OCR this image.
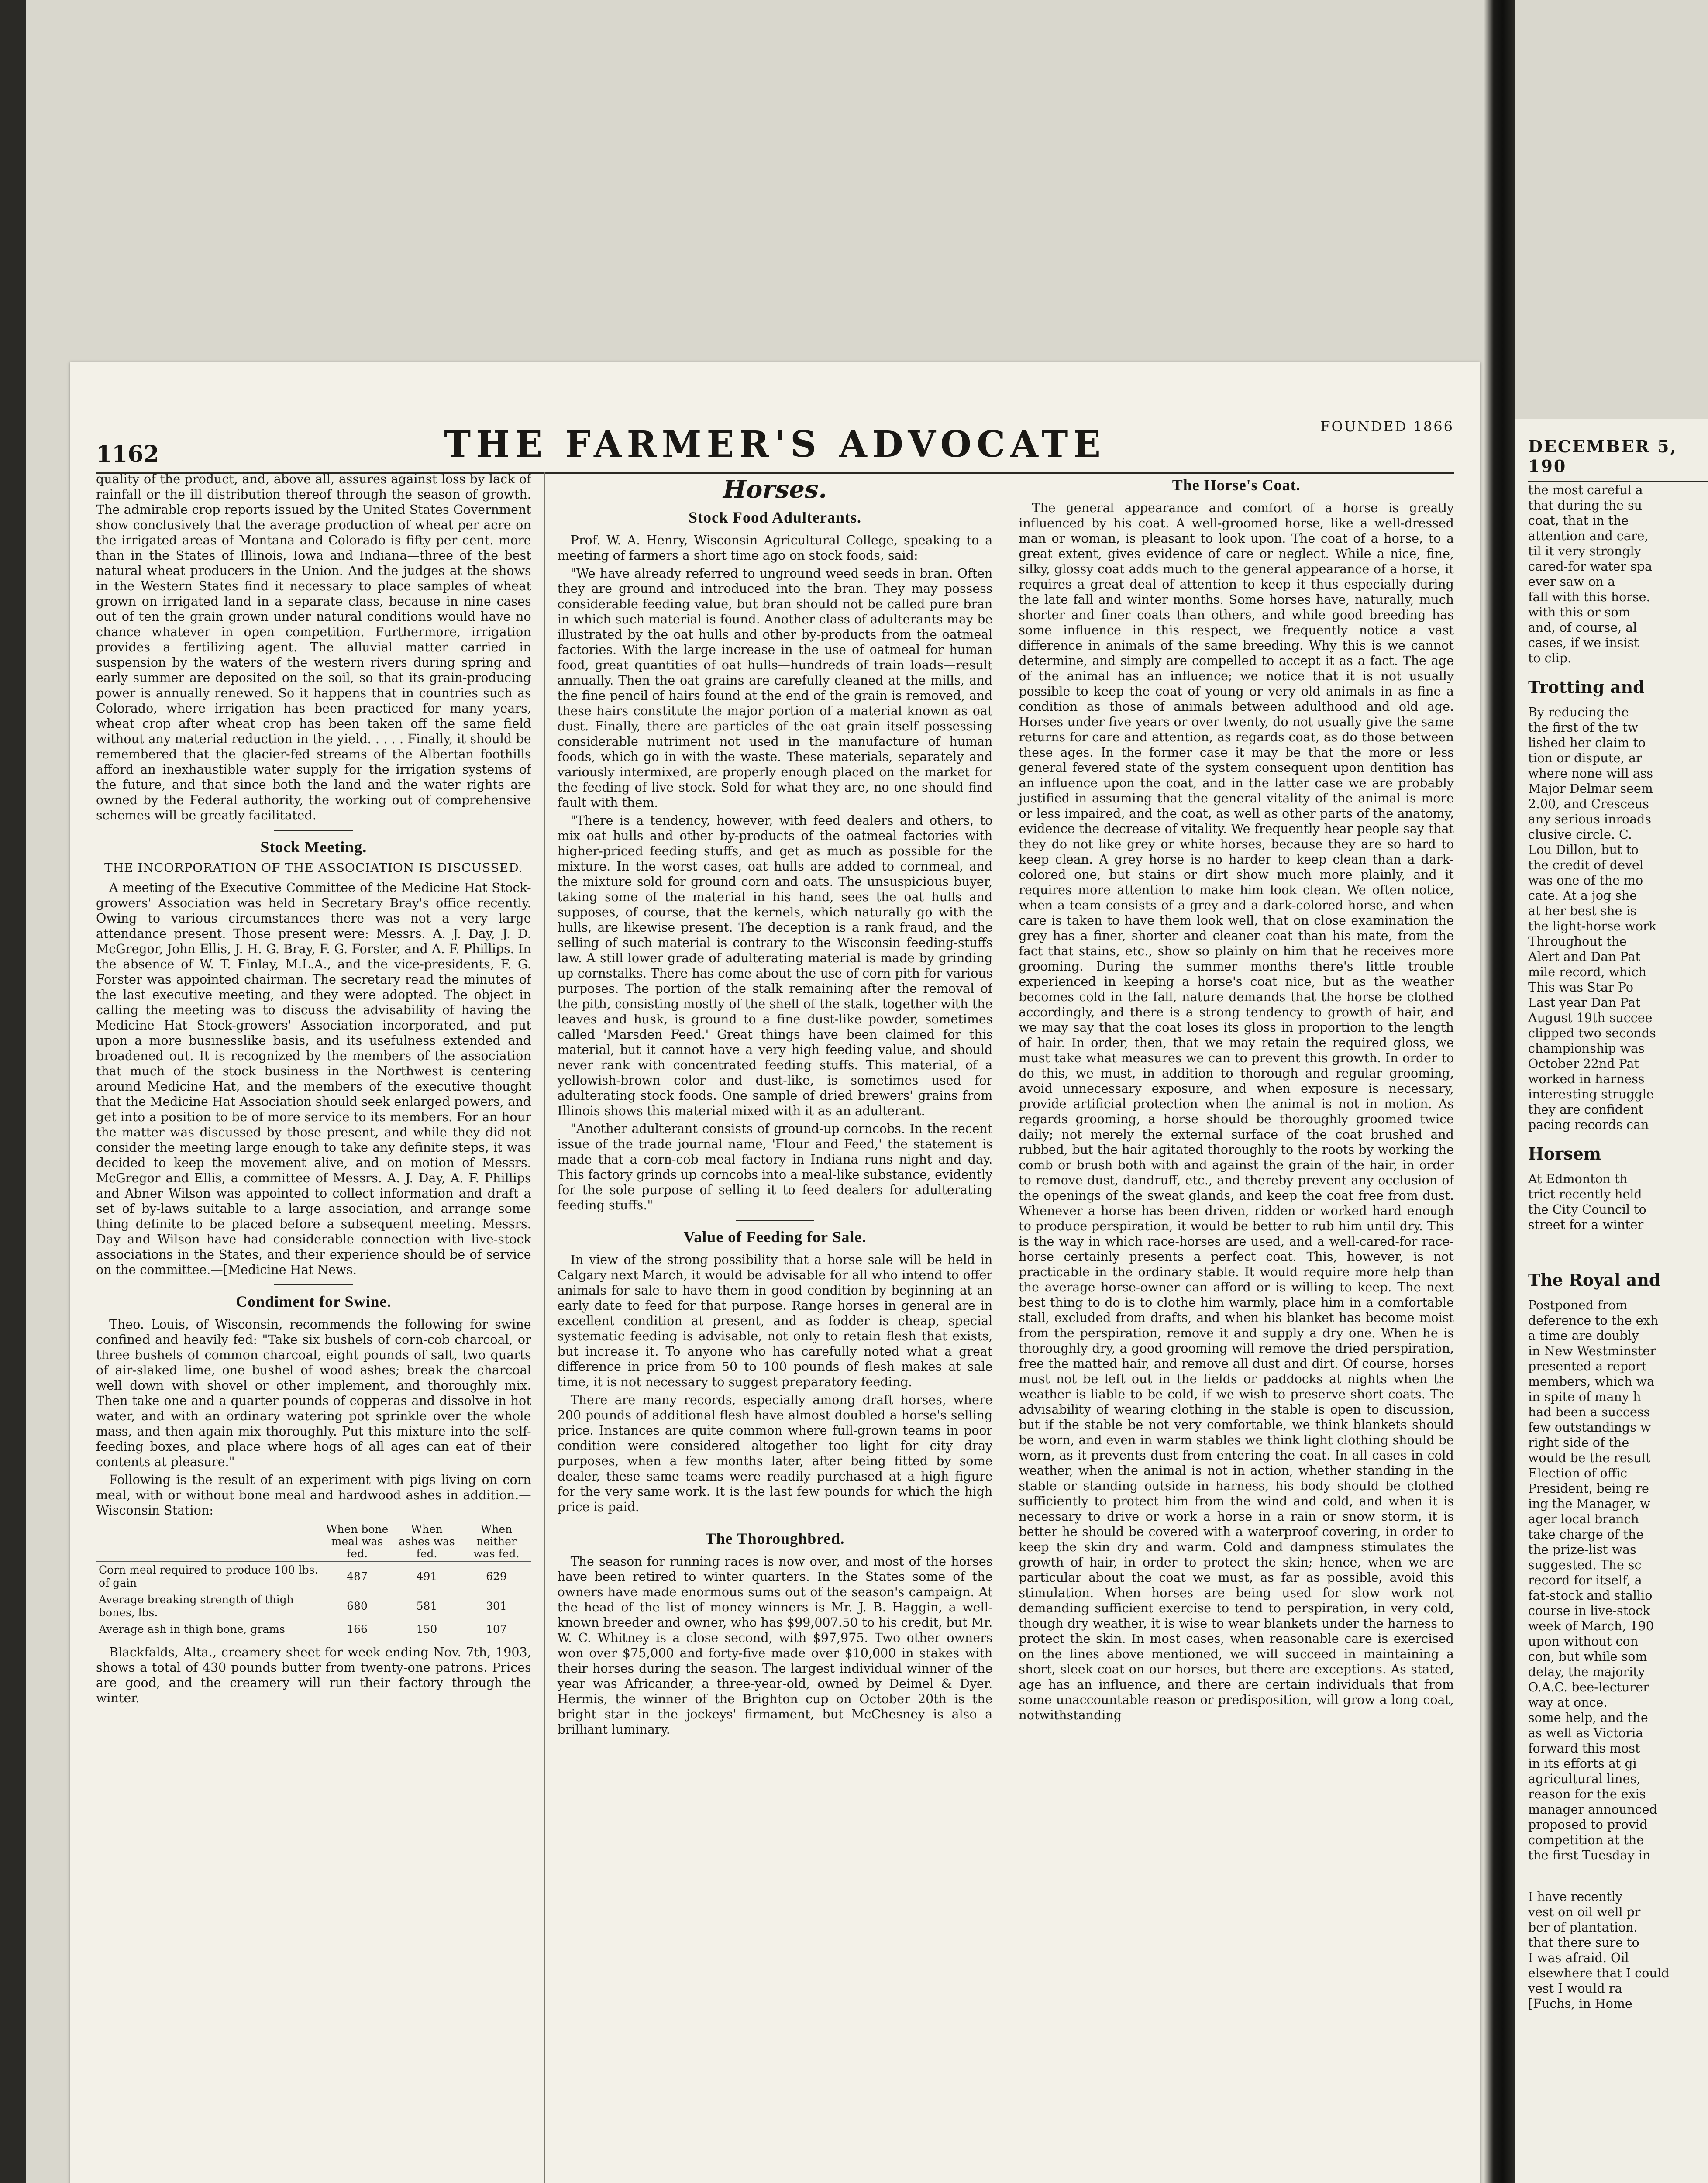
1162	THE FARMER'S ADVOCATE	FOUNDED 1866

quality of the product, and, above all, assures against loss by lack of rainfall or the ill distribution thereof through the season of growth. The admirable crop reports issued by the United States Government show conclusively that the average production of wheat per acre on the irrigated areas of Montana and Colorado is fifty per cent. more than in the States of Illinois, Iowa and Indiana—three of the best natural wheat producers in the Union. And the judges at the shows in the Western States find it necessary to place samples of wheat grown on irrigated land in a separate class, because in nine cases out of ten the grain grown under natural conditions would have no chance whatever in open competition. Furthermore, irrigation provides a fertilizing agent. The alluvial matter carried in suspension by the waters of the western rivers during spring and early summer are deposited on the soil, so that its grain-producing power is annually renewed. So it happens that in countries such as Colorado, where irrigation has been practiced for many years, wheat crop after wheat crop has been taken off the same field without any material reduction in the yield. . . . . Finally, it should be remembered that the glacier-fed streams of the Albertan foothills afford an inexhaustible water supply for the irrigation systems of the future, and that since both the land and the water rights are owned by the Federal authority, the working out of comprehensive schemes will be greatly facilitated.

Stock Meeting.
THE INCORPORATION OF THE ASSOCIATION IS DISCUSSED.

A meeting of the Executive Committee of the Medicine Hat Stock-growers' Association was held in Secretary Bray's office recently. Owing to various circumstances there was not a very large attendance present. Those present were: Messrs. A. J. Day, J. D. McGregor, John Ellis, J. H. G. Bray, F. G. Forster, and A. F. Phillips. In the absence of W. T. Finlay, M.L.A., and the vice-presidents, F. G. Forster was appointed chairman. The secretary read the minutes of the last executive meeting, and they were adopted. The object in calling the meeting was to discuss the advisability of having the Medicine Hat Stock-growers' Association incorporated, and put upon a more businesslike basis, and its usefulness extended and broadened out. It is recognized by the members of the association that much of the stock business in the Northwest is centering around Medicine Hat, and the members of the executive thought that the Medicine Hat Association should seek enlarged powers, and get into a position to be of more service to its members. For an hour the matter was discussed by those present, and while they did not consider the meeting large enough to take any definite steps, it was decided to keep the movement alive, and on motion of Messrs. McGregor and Ellis, a committee of Messrs. A. J. Day, A. F. Phillips and Abner Wilson was appointed to collect information and draft a set of by-laws suitable to a large association, and arrange some thing definite to be placed before a subsequent meeting. Messrs. Day and Wilson have had considerable connection with live-stock associations in the States, and their experience should be of service on the committee.—[Medicine Hat News.

Condiment for Swine.

Theo. Louis, of Wisconsin, recommends the following for swine confined and heavily fed: "Take six bushels of corn-cob charcoal, or three bushels of common charcoal, eight pounds of salt, two quarts of air-slaked lime, one bushel of wood ashes; break the charcoal well down with shovel or other implement, and thoroughly mix. Then take one and a quarter pounds of copperas and dissolve in hot water, and with an ordinary watering pot sprinkle over the whole mass, and then again mix thoroughly. Put this mixture into the self-feeding boxes, and place where hogs of all ages can eat of their contents at pleasure."

Following is the result of an experiment with pigs living on corn meal, with or without bone meal and hardwood ashes in addition.—Wisconsin Station:

	When bone meal was fed.	When ashes was fed.	When neither was fed.
Corn meal required to produce 100 lbs. of gain	487	491	629
Average breaking strength of thigh bones, lbs.	680	581	301
Average ash in thigh bone, grams	166	150	107

Blackfalds, Alta., creamery sheet for week ending Nov. 7th, 1903, shows a total of 430 pounds butter from twenty-one patrons. Prices are good, and the creamery will run their factory through the winter.

Horses.
Stock Food Adulterants.

Prof. W. A. Henry, Wisconsin Agricultural College, speaking to a meeting of farmers a short time ago on stock foods, said:

"We have already referred to unground weed seeds in bran. Often they are ground and introduced into the bran. They may possess considerable feeding value, but bran should not be called pure bran in which such material is found. Another class of adulterants may be illustrated by the oat hulls and other by-products from the oatmeal factories. With the large increase in the use of oatmeal for human food, great quantities of oat hulls—hundreds of train loads—result annually. Then the oat grains are carefully cleaned at the mills, and the fine pencil of hairs found at the end of the grain is removed, and these hairs constitute the major portion of a material known as oat dust. Finally, there are particles of the oat grain itself possessing considerable nutriment not used in the manufacture of human foods, which go in with the waste. These materials, separately and variously intermixed, are properly enough placed on the market for the feeding of live stock. Sold for what they are, no one should find fault with them.

"There is a tendency, however, with feed dealers and others, to mix oat hulls and other by-products of the oatmeal factories with higher-priced feeding stuffs, and get as much as possible for the mixture. In the worst cases, oat hulls are added to cornmeal, and the mixture sold for ground corn and oats. The unsuspicious buyer, taking some of the material in his hand, sees the oat hulls and supposes, of course, that the kernels, which naturally go with the hulls, are likewise present. The deception is a rank fraud, and the selling of such material is contrary to the Wisconsin feeding-stuffs law. A still lower grade of adulterating material is made by grinding up cornstalks. There has come about the use of corn pith for various purposes. The portion of the stalk remaining after the removal of the pith, consisting mostly of the shell of the stalk, together with the leaves and husk, is ground to a fine dust-like powder, sometimes called 'Marsden Feed.' Great things have been claimed for this material, but it cannot have a very high feeding value, and should never rank with concentrated feeding stuffs. This material, of a yellowish-brown color and dust-like, is sometimes used for adulterating stock foods. One sample of dried brewers' grains from Illinois shows this material mixed with it as an adulterant.

"Another adulterant consists of ground-up corncobs. In the recent issue of the trade journal name, 'Flour and Feed,' the statement is made that a corn-cob meal factory in Indiana runs night and day. This factory grinds up corncobs into a meal-like substance, evidently for the sole purpose of selling it to feed dealers for adulterating feeding stuffs."

Value of Feeding for Sale.

In view of the strong possibility that a horse sale will be held in Calgary next March, it would be advisable for all who intend to offer animals for sale to have them in good condition by beginning at an early date to feed for that purpose. Range horses in general are in excellent condition at present, and as fodder is cheap, special systematic feeding is advisable, not only to retain flesh that exists, but increase it. To anyone who has carefully noted what a great difference in price from 50 to 100 pounds of flesh makes at sale time, it is not necessary to suggest preparatory feeding.

There are many records, especially among draft horses, where 200 pounds of additional flesh have almost doubled a horse's selling price. Instances are quite common where full-grown teams in poor condition were considered altogether too light for city dray purposes, when a few months later, after being fitted by some dealer, these same teams were readily purchased at a high figure for the very same work. It is the last few pounds for which the high price is paid.

The Thoroughbred.

The season for running races is now over, and most of the horses have been retired to winter quarters. In the States some of the owners have made enormous sums out of the season's campaign. At the head of the list of money winners is Mr. J. B. Haggin, a well-known breeder and owner, who has $99,007.50 to his credit, but Mr. W. C. Whitney is a close second, with $97,975. Two other owners won over $75,000 and forty-five made over $10,000 in stakes with their horses during the season. The largest individual winner of the year was Africander, a three-year-old, owned by Deimel & Dyer. Hermis, the winner of the Brighton cup on October 20th is the bright star in the jockeys' firmament, but McChesney is also a brilliant luminary.

The Horse's Coat.

The general appearance and comfort of a horse is greatly influenced by his coat. A well-groomed horse, like a well-dressed man or woman, is pleasant to look upon. The coat of a horse, to a great extent, gives evidence of care or neglect. While a nice, fine, silky, glossy coat adds much to the general appearance of a horse, it requires a great deal of attention to keep it thus especially during the late fall and winter months. Some horses have, naturally, much shorter and finer coats than others, and while good breeding has some influence in this respect, we frequently notice a vast difference in animals of the same breeding. Why this is we cannot determine, and simply are compelled to accept it as a fact. The age of the animal has an influence; we notice that it is not usually possible to keep the coat of young or very old animals in as fine a condition as those of animals between adulthood and old age. Horses under five years or over twenty, do not usually give the same returns for care and attention, as regards coat, as do those between these ages. In the former case it may be that the more or less general fevered state of the system consequent upon dentition has an influence upon the coat, and in the latter case we are probably justified in assuming that the general vitality of the animal is more or less impaired, and the coat, as well as other parts of the anatomy, evidence the decrease of vitality. We frequently hear people say that they do not like grey or white horses, because they are so hard to keep clean. A grey horse is no harder to keep clean than a dark-colored one, but stains or dirt show much more plainly, and it requires more attention to make him look clean. We often notice, when a team consists of a grey and a dark-colored horse, and when care is taken to have them look well, that on close examination the grey has a finer, shorter and cleaner coat than his mate, from the fact that stains, etc., show so plainly on him that he receives more grooming. During the summer months there's little trouble experienced in keeping a horse's coat nice, but as the weather becomes cold in the fall, nature demands that the horse be clothed accordingly, and there is a strong tendency to growth of hair, and we may say that the coat loses its gloss in proportion to the length of hair. In order, then, that we may retain the required gloss, we must take what measures we can to prevent this growth. In order to do this, we must, in addition to thorough and regular grooming, avoid unnecessary exposure, and when exposure is necessary, provide artificial protection when the animal is not in motion. As regards grooming, a horse should be thoroughly groomed twice daily; not merely the external surface of the coat brushed and rubbed, but the hair agitated thoroughly to the roots by working the comb or brush both with and against the grain of the hair, in order to remove dust, dandruff, etc., and thereby prevent any occlusion of the openings of the sweat glands, and keep the coat free from dust. Whenever a horse has been driven, ridden or worked hard enough to produce perspiration, it would be better to rub him until dry. This is the way in which race-horses are used, and a well-cared-for race-horse certainly presents a perfect coat. This, however, is not practicable in the ordinary stable. It would require more help than the average horse-owner can afford or is willing to keep. The next best thing to do is to clothe him warmly, place him in a comfortable stall, excluded from drafts, and when his blanket has become moist from the perspiration, remove it and supply a dry one. When he is thoroughly dry, a good grooming will remove the dried perspiration, free the matted hair, and remove all dust and dirt. Of course, horses must not be left out in the fields or paddocks at nights when the weather is liable to be cold, if we wish to preserve short coats. The advisability of wearing clothing in the stable is open to discussion, but if the stable be not very comfortable, we think blankets should be worn, and even in warm stables we think light clothing should be worn, as it prevents dust from entering the coat. In all cases in cold weather, when the animal is not in action, whether standing in the stable or standing outside in harness, his body should be clothed sufficiently to protect him from the wind and cold, and when it is necessary to drive or work a horse in a rain or snow storm, it is better he should be covered with a waterproof covering, in order to keep the skin dry and warm. Cold and dampness stimulates the growth of hair, in order to protect the skin; hence, when we are particular about the coat we must, as far as possible, avoid this stimulation. When horses are being used for slow work not demanding sufficient exercise to tend to perspiration, in very cold, though dry weather, it is wise to wear blankets under the harness to protect the skin. In most cases, when reasonable care is exercised on the lines above mentioned, we will succeed in maintaining a short, sleek coat on our horses, but there are exceptions. As stated, age has an influence, and there are certain individuals that from some unaccountable reason or predisposition, will grow a long coat, notwithstanding

DECEMBER 5, 190

the most careful a

that during the su

coat, that in the

attention and care,

til it very strongly

cared-for water spa

ever saw on a

fall with this horse.

with this or som

and, of course, al

cases, if we insist

to clip.

Trotting and

By reducing the

the first of the tw

lished her claim to

tion or dispute, ar

where none will ass

Major Delmar seem

2.00, and Cresceus

any serious inroads

clusive circle. C.

Lou Dillon, but to

the credit of devel

was one of the mo

cate. At a jog she

at her best she is

the light-horse work

Throughout the

Alert and Dan Pat

mile record, which

This was Star Po

Last year Dan Pat

August 19th succee

clipped two seconds

championship was

October 22nd Pat

worked in harness

interesting struggle

they are confident

pacing records can

Horsem

At Edmonton th

trict recently held

the City Council to

street for a winter

The Royal and

Postponed from

deference to the exh

a time are doubly

in New Westminster

presented a report

members, which wa

in spite of many h

had been a success

few outstandings w

right side of the

would be the result

Election of offic

President, being re

ing the Manager, w

ager local branch

take charge of the

the prize-list was

suggested. The sc

record for itself, a

fat-stock and stallio

course in live-stock

week of March, 190

upon without con

con, but while som

delay, the majority

O.A.C. bee-lecturer

way at once.

some help, and the

as well as Victoria

forward this most

in its efforts at gi

agricultural lines,

reason for the exis

manager announced

proposed to provid

competition at the

the first Tuesday in

I have recently

vest on oil well pr

ber of plantation.

that there sure to

I was afraid. Oil

elsewhere that I could

vest I would ra

[Fuchs, in Home
